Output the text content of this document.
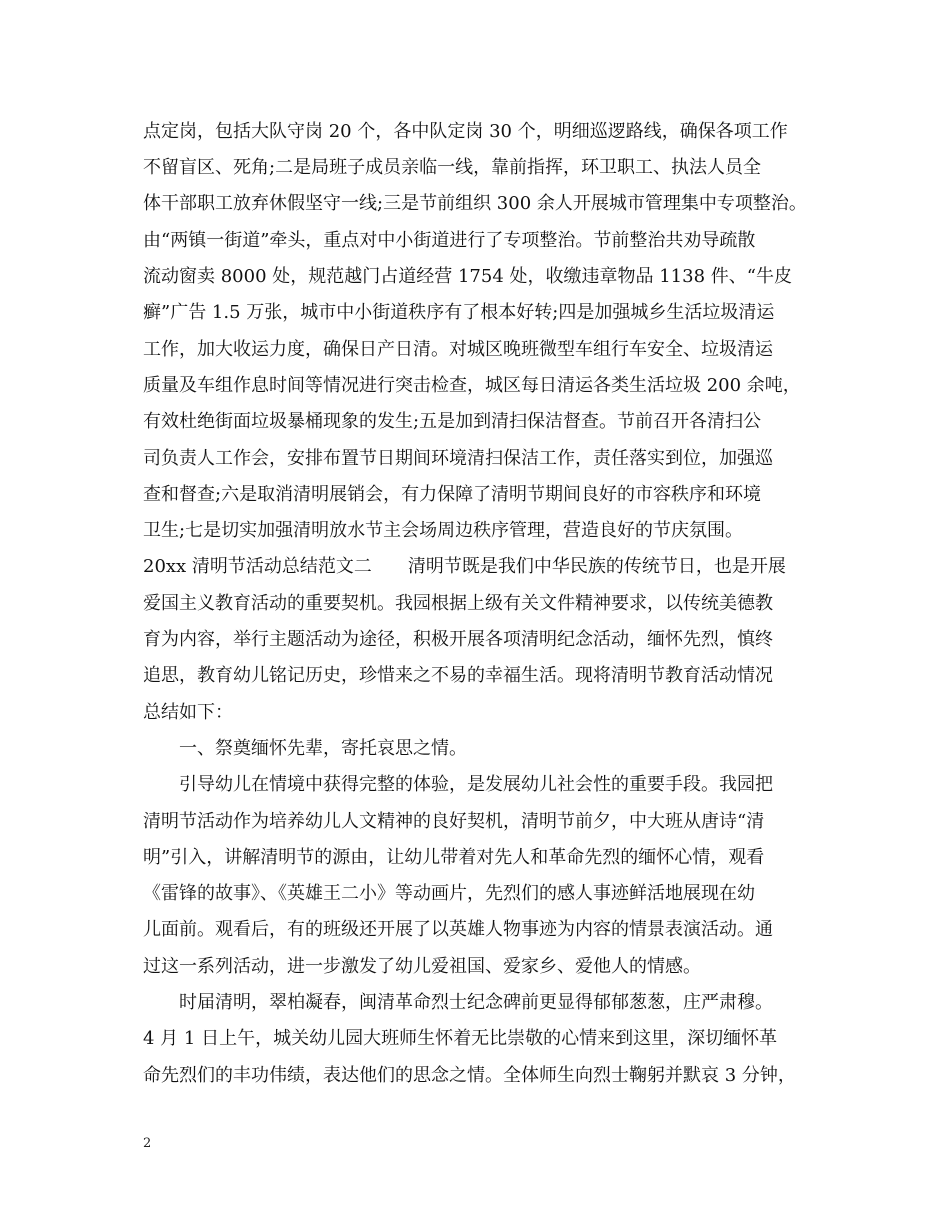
点定岗，包括大队守岗 20 个，各中队定岗 30 个，明细巡逻路线，确保各项工作
不留盲区、死角;二是局班子成员亲临一线，靠前指挥，环卫职工、执法人员全
体干部职工放弃休假坚守一线;三是节前组织 300 余人开展城市管理集中专项整治。
由“两镇一街道”牵头，重点对中小街道进行了专项整治。节前整治共劝导疏散
流动窗卖 8000 处，规范越门占道经营 1754 处，收缴违章物品 1138 件、“牛皮
癣”广告 1.5 万张，城市中小街道秩序有了根本好转;四是加强城乡生活垃圾清运
工作，加大收运力度，确保日产日清。对城区晚班微型车组行车安全、垃圾清运
质量及车组作息时间等情况进行突击检查，城区每日清运各类生活垃圾 200 余吨，
有效杜绝街面垃圾暴桶现象的发生;五是加到清扫保洁督查。节前召开各清扫公
司负责人工作会，安排布置节日期间环境清扫保洁工作，责任落实到位，加强巡
查和督查;六是取消清明展销会，有力保障了清明节期间良好的市容秩序和环境
卫生;七是切实加强清明放水节主会场周边秩序管理，营造良好的节庆氛围。
20xx 清明节活动总结范文二　　清明节既是我们中华民族的传统节日，也是开展
爱国主义教育活动的重要契机。我园根据上级有关文件精神要求，以传统美德教
育为内容，举行主题活动为途径，积极开展各项清明纪念活动，缅怀先烈，慎终
追思，教育幼儿铭记历史，珍惜来之不易的幸福生活。现将清明节教育活动情况
总结如下：
　　一、祭奠缅怀先辈，寄托哀思之情。
　　引导幼儿在情境中获得完整的体验，是发展幼儿社会性的重要手段。我园把
清明节活动作为培养幼儿人文精神的良好契机，清明节前夕，中大班从唐诗“清
明”引入，讲解清明节的源由，让幼儿带着对先人和革命先烈的缅怀心情，观看
《雷锋的故事》、《英雄王二小》等动画片，先烈们的感人事迹鲜活地展现在幼
儿面前。观看后，有的班级还开展了以英雄人物事迹为内容的情景表演活动。通
过这一系列活动，进一步激发了幼儿爱祖国、爱家乡、爱他人的情感。
　　时届清明，翠柏凝春，闽清革命烈士纪念碑前更显得郁郁葱葱，庄严肃穆。
4 月 1 日上午，城关幼儿园大班师生怀着无比崇敬的心情来到这里，深切缅怀革
命先烈们的丰功伟绩，表达他们的思念之情。全体师生向烈士鞠躬并默哀 3 分钟，
2
